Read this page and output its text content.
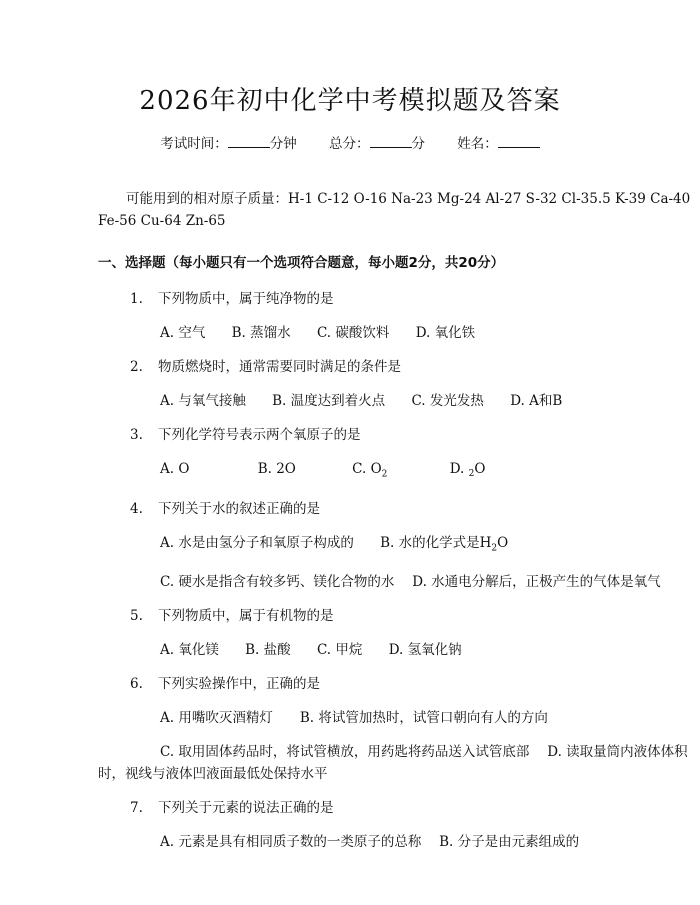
2026年初中化学中考模拟题及答案
考试时间：	分钟 总分：	分 姓名：

可能用到的相对原子质量：H-1 C-12 O-16 Na-23 Mg-24 Al-27 S-32 Cl-35.5 K-39 Ca-40 Fe-56 Cu-64 Zn-65

一、选择题（每小题只有一个选项符合题意，每小题2分，共20分）
1. 下列物质中，属于纯净物的是
A. 空气 B. 蒸馏水 C. 碳酸饮料 D. 氧化铁
2. 物质燃烧时，通常需要同时满足的条件是
A. 与氧气接触 B. 温度达到着火点 C. 发光发热 D. A和B
3. 下列化学符号表示两个氧原子的是
A. O	B. 2O	C. $O_2$	D. $_2$O
4. 下列关于水的叙述正确的是
A. 水是由氢分子和氧原子构成的 B. 水的化学式是$H_2O$
C. 硬水是指含有较多钙、镁化合物的水　 D. 水通电分解后，正极产生的气体是氧气
5. 下列物质中，属于有机物的是
A. 氧化镁 B. 盐酸 C. 甲烷 D. 氢氧化钠
6. 下列实验操作中，正确的是
A. 用嘴吹灭酒精灯　　B. 将试管加热时，试管口朝向有人的方向
C. 取用固体药品时，将试管横放，用药匙将药品送入试管底部　 D. 读取量筒内液体体积时，视线与液体凹液面最低处保持水平
7. 下列关于元素的说法正确的是
A. 元素是具有相同质子数的一类原子的总称　 B. 分子是由元素组成的
